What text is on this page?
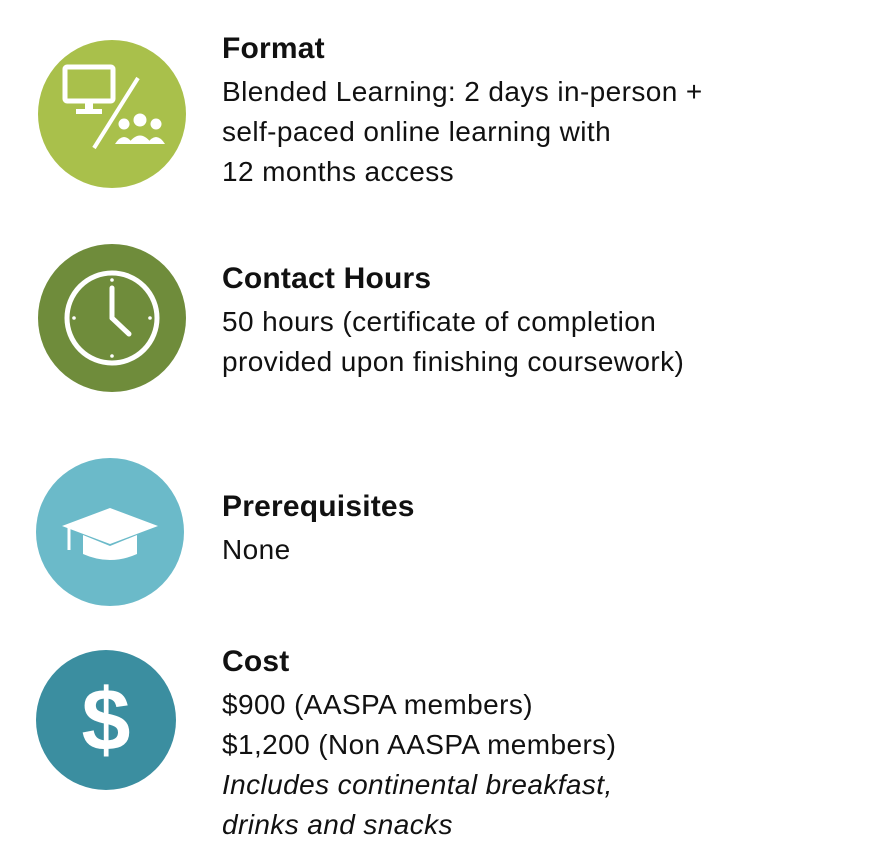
Format

Blended Learning: 2 days in-person +

self-paced online learning with

12 months access

Contact Hours

50 hours (certificate of completion

provided upon finishing coursework)

Prerequisites

None

$

Cost

$900 (AASPA members)

$1,200 (Non AASPA members)

Includes continental breakfast,

drinks and snacks
